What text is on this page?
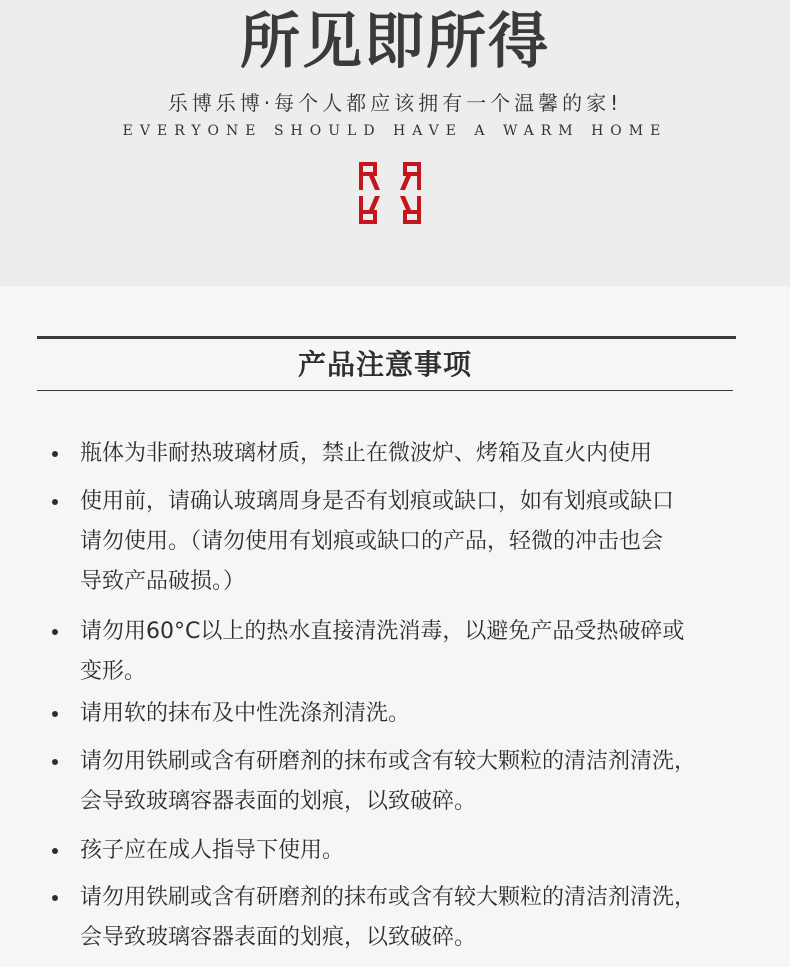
所见即所得
乐博乐博·每个人都应该拥有一个温馨的家!
EVERYONE SHOULD HAVE A WARM HOME
产品注意事项
瓶体为非耐热玻璃材质，禁止在微波炉、烤箱及直火内使用
使用前，请确认玻璃周身是否有划痕或缺口，如有划痕或缺口
请勿使用。（请勿使用有划痕或缺口的产品，轻微的冲击也会
导致产品破损。）
请勿用60°C以上的热水直接清洗消毒，以避免产品受热破碎或
变形。
请用软的抹布及中性洗涤剂清洗。
请勿用铁刷或含有研磨剂的抹布或含有较大颗粒的清洁剂清洗，
会导致玻璃容器表面的划痕，以致破碎。
孩子应在成人指导下使用。
请勿用铁刷或含有研磨剂的抹布或含有较大颗粒的清洁剂清洗，
会导致玻璃容器表面的划痕，以致破碎。
